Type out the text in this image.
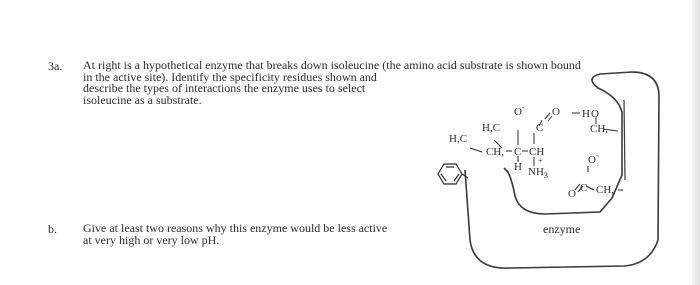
3a. At right is a hypothetical enzyme that breaks down isoleucine (the amino acid substrate is shown bound
in the active site). Identify the specificity residues shown and
describe the types of interactions the enzyme uses to select
isoleucine as a substrate.

b. Give at least two reasons why this enzyme would be less active
at very high or very low pH.

H,C
H,C
CH, C CH
H $NH_3$
+
C
O - O H O
CH,
O -
O C CH,
enzyme
